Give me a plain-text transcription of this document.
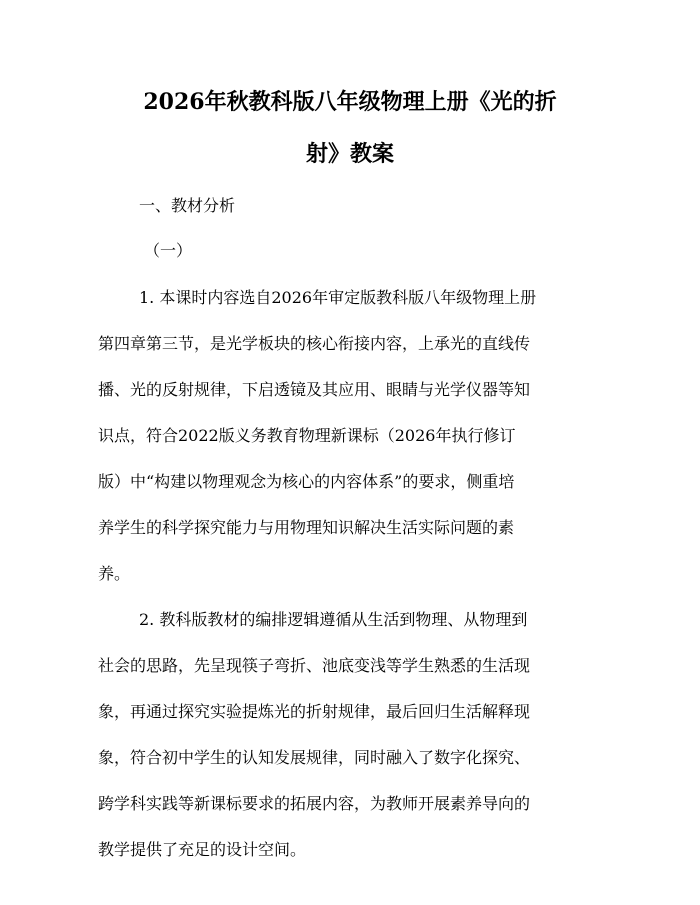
2026年秋教科版八年级物理上册《光的折
射》教案
一、教材分析
（一）
1. 本课时内容选自2026年审定版教科版八年级物理上册
第四章第三节，是光学板块的核心衔接内容，上承光的直线传
播、光的反射规律，下启透镜及其应用、眼睛与光学仪器等知
识点，符合2022版义务教育物理新课标（2026年执行修订
版）中“构建以物理观念为核心的内容体系”的要求，侧重培
养学生的科学探究能力与用物理知识解决生活实际问题的素
养。
2. 教科版教材的编排逻辑遵循从生活到物理、从物理到
社会的思路，先呈现筷子弯折、池底变浅等学生熟悉的生活现
象，再通过探究实验提炼光的折射规律，最后回归生活解释现
象，符合初中学生的认知发展规律，同时融入了数字化探究、
跨学科实践等新课标要求的拓展内容，为教师开展素养导向的
教学提供了充足的设计空间。
